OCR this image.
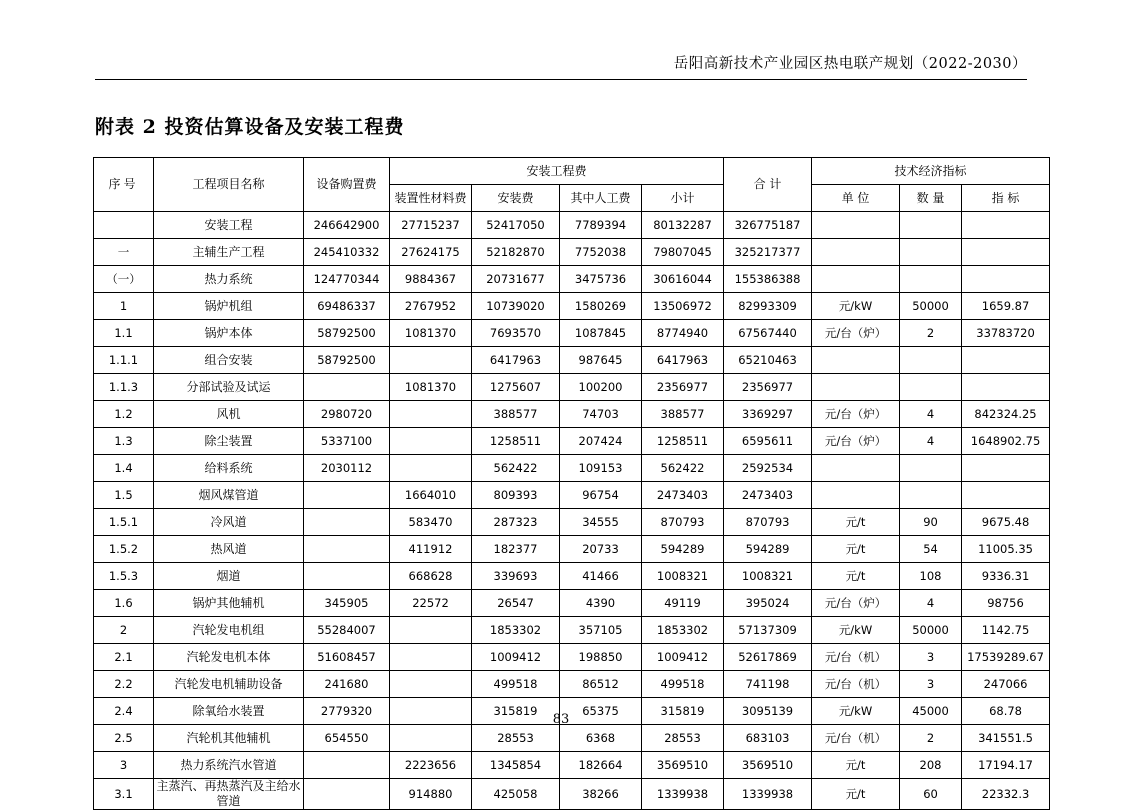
岳阳高新技术产业园区热电联产规划（2022-2030）
附表 2 投资估算设备及安装工程费
序号	工程项目名称	设备购置费	安装工程费				合 计	技术经济指标		
			装置性材料费	安装费	其中人工费	小计		单 位	数 量	指 标
	安装工程	246642900	27715237	52417050	7789394	80132287	326775187			
一	主辅生产工程	245410332	27624175	52182870	7752038	79807045	325217377			
（一）	热力系统	124770344	9884367	20731677	3475736	30616044	155386388			
1	锅炉机组	69486337	2767952	10739020	1580269	13506972	82993309	元/kW	50000	1659.87
1.1	锅炉本体	58792500	1081370	7693570	1087845	8774940	67567440	元/台（炉）	2	33783720
1.1.1	组合安装	58792500		6417963	987645	6417963	65210463			
1.1.3	分部试验及试运		1081370	1275607	100200	2356977	2356977			
1.2	风机	2980720		388577	74703	388577	3369297	元/台（炉）	4	842324.25
1.3	除尘装置	5337100		1258511	207424	1258511	6595611	元/台（炉）	4	1648902.75
1.4	给料系统	2030112		562422	109153	562422	2592534			
1.5	烟风煤管道		1664010	809393	96754	2473403	2473403			
1.5.1	冷风道		583470	287323	34555	870793	870793	元/t	90	9675.48
1.5.2	热风道		411912	182377	20733	594289	594289	元/t	54	11005.35
1.5.3	烟道		668628	339693	41466	1008321	1008321	元/t	108	9336.31
1.6	锅炉其他辅机	345905	22572	26547	4390	49119	395024	元/台（炉）	4	98756
2	汽轮发电机组	55284007		1853302	357105	1853302	57137309	元/kW	50000	1142.75
2.1	汽轮发电机本体	51608457		1009412	198850	1009412	52617869	元/台（机）	3	17539289.67
2.2	汽轮发电机辅助设备	241680		499518	86512	499518	741198	元/台（机）	3	247066
2.4	除氧给水装置	2779320		315819	65375	315819	3095139	元/kW	45000	68.78
2.5	汽轮机其他辅机	654550		28553	6368	28553	683103	元/台（机）	2	341551.5
3	热力系统汽水管道		2223656	1345854	182664	3569510	3569510	元/t	208	17194.17
3.1	主蒸汽、再热蒸汽及主给水管道		914880	425058	38266	1339938	1339938	元/t	60	22332.3
83
